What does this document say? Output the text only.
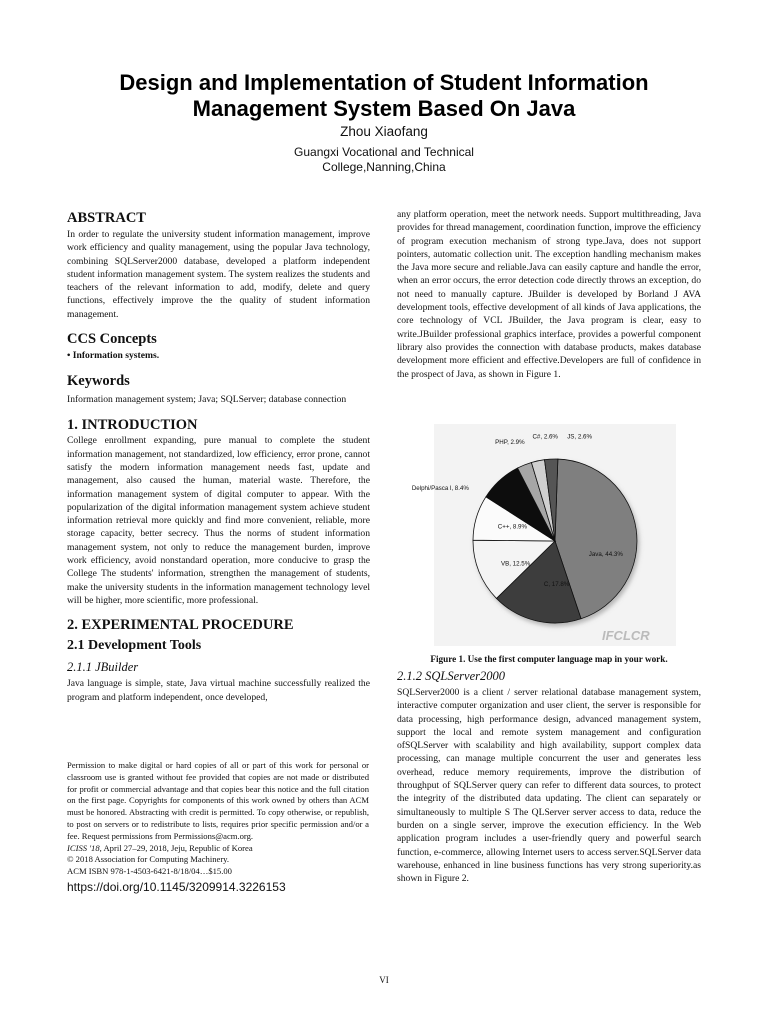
Design and Implementation of Student Information Management System Based On Java
Zhou Xiaofang
Guangxi Vocational and Technical
College,Nanning,China
ABSTRACT

In order to regulate the university student information management, improve work efficiency and quality management, using the popular Java technology, combining SQLServer2000 database, developed a platform independent student information management system. The system realizes the students and teachers of the relevant information to add, modify, delete and query functions, effectively improve the the quality of student information management.

CCS Concepts

• Information systems.

Keywords

Information management system; Java; SQLServer; database connection

1. INTRODUCTION

College enrollment expanding, pure manual to complete the student information management, not standardized, low efficiency, error prone, cannot satisfy the modern information management needs fast, update and management, also caused the human, material waste. Therefore, the information management system of digital computer to appear. With the popularization of the digital information management system achieve student information retrieval more quickly and find more convenient, reliable, more storage capacity, better secrecy. Thus the norms of student information management system, not only to reduce the management burden, improve work efficiency, avoid nonstandard operation, more conducive to grasp the College The students' information, strengthen the management of students, make the university students in the information management technology level will be higher, more scientific, more professional.

2. EXPERIMENTAL PROCEDURE
2.1 Development Tools
2.1.1 JBuilder

Java language is simple, state, Java virtual machine successfully realized the program and platform independent, once developed,

Permission to make digital or hard copies of all or part of this work for personal or classroom use is granted without fee provided that copies are not made or distributed for profit or commercial advantage and that copies bear this notice and the full citation on the first page. Copyrights for components of this work owned by others than ACM must be honored. Abstracting with credit is permitted. To copy otherwise, or republish, to post on servers or to redistribute to lists, requires prior specific permission and/or a fee. Request permissions from Permissions@acm.org.

ICISS '18, April 27–29, 2018, Jeju, Republic of Korea

© 2018 Association for Computing Machinery.

ACM ISBN 978-1-4503-6421-8/18/04…$15.00

https://doi.org/10.1145/3209914.3226153

any platform operation, meet the network needs. Support multithreading, Java provides for thread management, coordination function, improve the efficiency of program execution mechanism of strong type.Java, does not support pointers, automatic collection unit. The exception handling mechanism makes the Java more secure and reliable.Java can easily capture and handle the error, when an error occurs, the error detection code directly throws an exception, do not need to manually capture. JBuilder is developed by Borland J AVA development tools, effective development of all kinds of Java applications, the core technology of VCL JBuilder, the Java program is clear, easy to write.JBuilder professional graphics interface, provides a powerful component library also provides the connection with database products, makes database development more efficient and effective.Developers are full of confidence in the prospect of Java, as shown in Figure 1.

Java, 44.3%
C, 17.8%
VB, 12.5%
C++, 8.9%
Delphi/Pasca l, 8.4%
PHP, 2.9%
C#, 2.6% JS, 2.6%
IFCLCR
Figure 1. Use the first computer language map in your work.
2.1.2 SQLServer2000

SQLServer2000 is a client / server relational database management system, interactive computer organization and user client, the server is responsible for data processing, high performance design, advanced management system, support the local and remote system management and configuration ofSQLServer with scalability and high availability, support complex data processing, can manage multiple concurrent the user and generates less overhead, reduce memory requirements, improve the distribution of throughput of SQLServer query can refer to different data sources, to protect the integrity of the distributed data updating. The client can separately or simultaneously to multiple S The QLServer server access to data, reduce the burden on a single server, improve the execution efficiency. In the Web application program includes a user-friendly query and powerful search function, e-commerce, allowing Internet users to access server.SQLServer data warehouse, enhanced in line business functions has very strong superiority.as shown in Figure 2.

VI
